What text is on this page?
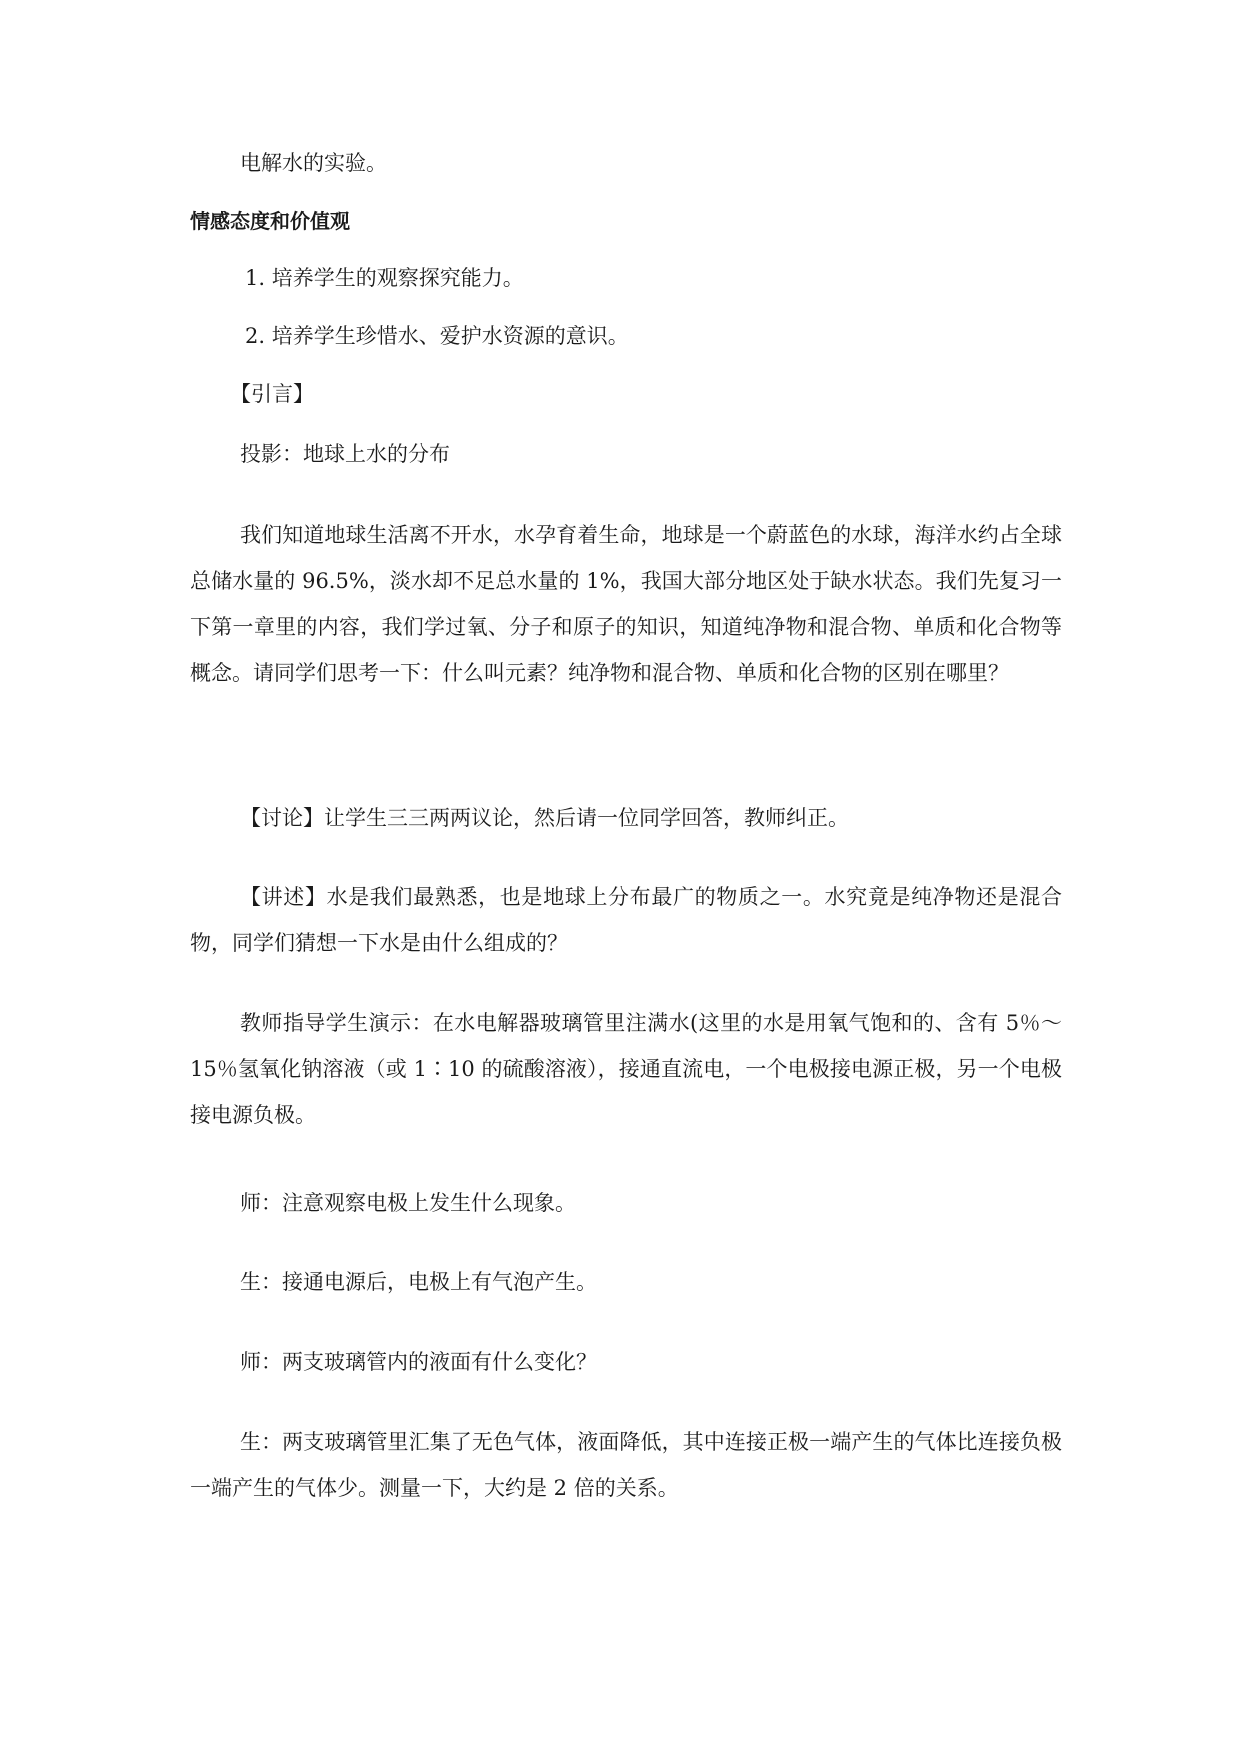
电解水的实验。

情感态度和价值观

1. 培养学生的观察探究能力。

2. 培养学生珍惜水、爱护水资源的意识。

【引言】

投影：地球上水的分布

我们知道地球生活离不开水，水孕育着生命，地球是一个蔚蓝色的水球，海洋水约占全球总储水量的 96.5%，淡水却不足总水量的 1%，我国大部分地区处于缺水状态。我们先复习一下第一章里的内容，我们学过氧、分子和原子的知识，知道纯净物和混合物、单质和化合物等概念。请同学们思考一下：什么叫元素？纯净物和混合物、单质和化合物的区别在哪里？

【讨论】让学生三三两两议论，然后请一位同学回答，教师纠正。

【讲述】水是我们最熟悉，也是地球上分布最广的物质之一。水究竟是纯净物还是混合物，同学们猜想一下水是由什么组成的？

教师指导学生演示：在水电解器玻璃管里注满水(这里的水是用氧气饱和的、含有 5％～15％氢氧化钠溶液（或 1∶10 的硫酸溶液），接通直流电，一个电极接电源正极，另一个电极接电源负极。

师：注意观察电极上发生什么现象。

生：接通电源后，电极上有气泡产生。

师：两支玻璃管内的液面有什么变化？

生：两支玻璃管里汇集了无色气体，液面降低，其中连接正极一端产生的气体比连接负极一端产生的气体少。测量一下，大约是 2 倍的关系。
